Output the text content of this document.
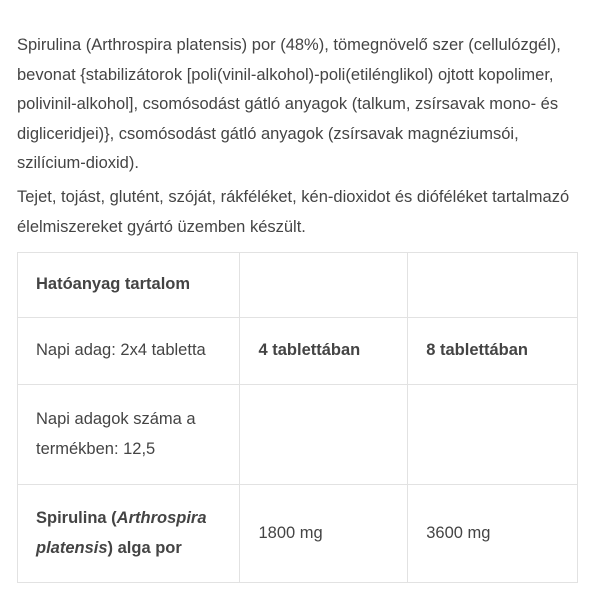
Spirulina (Arthrospira platensis) por (48%), tömegnövelő szer (cellulózgél), bevonat {stabilizátorok [poli(vinil-alkohol)-poli(etilénglikol) ojtott kopolimer, polivinil-alkohol], csomósodást gátló anyagok (talkum, zsírsavak mono- és digliceridjei)}, csomósodást gátló anyagok (zsírsavak magnéziumsói, szilícium-dioxid).

Tejet, tojást, glutént, szóját, rákféléket, kén-dioxidot és dióféléket tartalmazó élelmiszereket gyártó üzemben készült.

Hatóanyag tartalom		
Napi adag: 2x4 tabletta	4 tablettában	8 tablettában
Napi adagok száma a termékben: 12,5		
Spirulina (Arthrospira platensis) alga por	1800 mg	3600 mg
